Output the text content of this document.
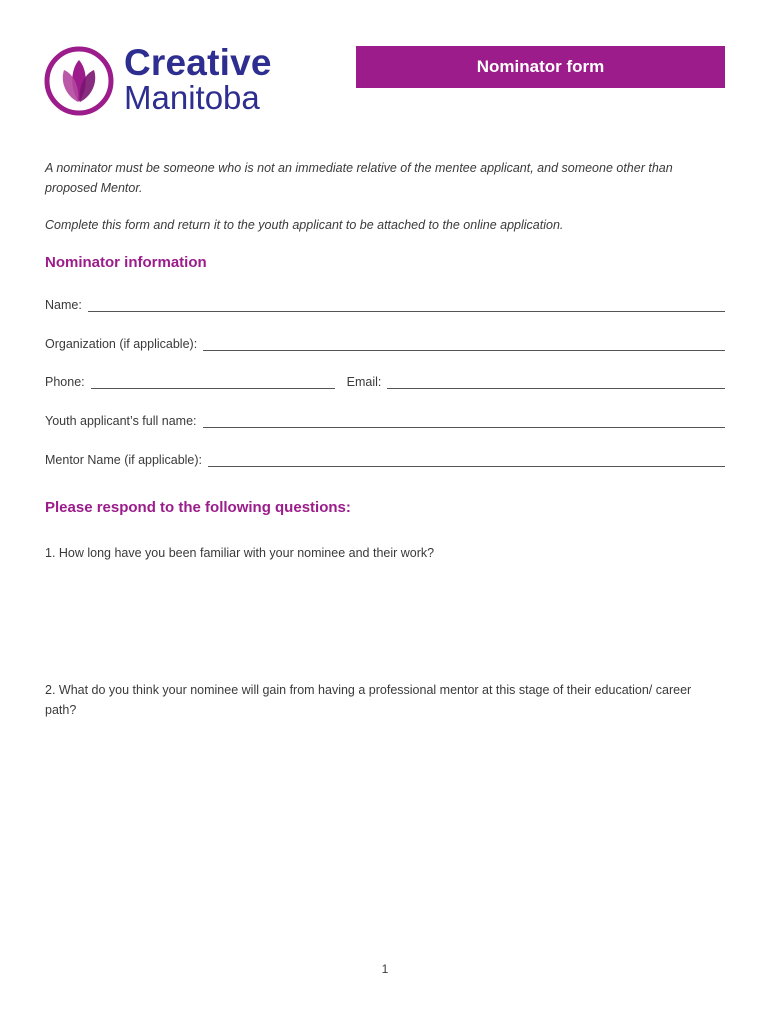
Creative
Manitoba
Nominator form
A nominator must be someone who is not an immediate relative of the mentee applicant, and someone other than proposed Mentor.
Complete this form and return it to the youth applicant to be attached to the online application.
Nominator information
Name:
Organization (if applicable):
Phone:	Email:
Youth applicant’s full name:
Mentor Name (if applicable):
Please respond to the following questions:
1. How long have you been familiar with your nominee and their work?
2. What do you think your nominee will gain from having a professional mentor at this stage of their education/ career path?
1
